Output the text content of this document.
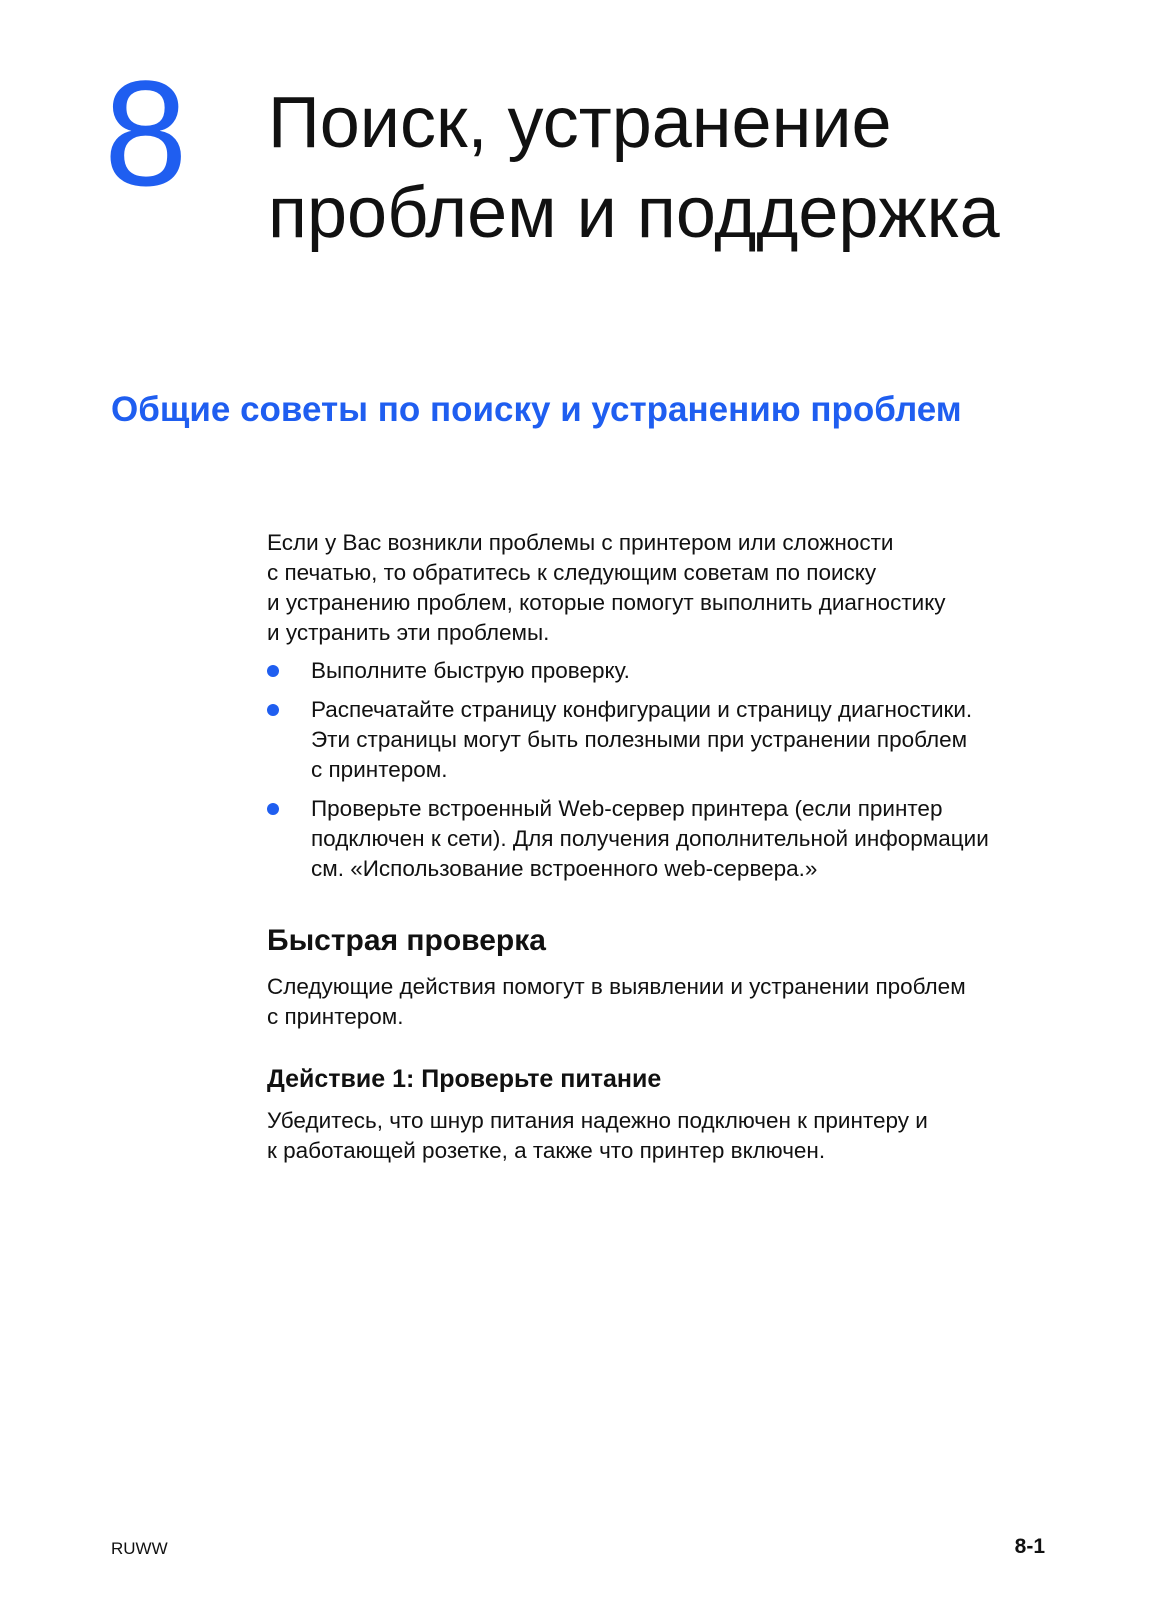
8 Поиск, устранение
проблем и поддержка
Общие советы по поиску и устранению проблем

Если у Вас возникли проблемы с принтером или сложности
с печатью, то обратитесь к следующим советам по поиску
и устранению проблем, которые помогут выполнить диагностику
и устранить эти проблемы.

Выполните быструю проверку.
Распечатайте страницу конфигурации и страницу диагностики.
Эти страницы могут быть полезными при устранении проблем
с принтером.
Проверьте встроенный Web-сервер принтера (если принтер
подключен к сети). Для получения дополнительной информации
см. «Использование встроенного web-сервера.»
Быстрая проверка

Следующие действия помогут в выявлении и устранении проблем
с принтером.

Действие 1: Проверьте питание

Убедитесь, что шнур питания надежно подключен к принтеру и
к работающей розетке, а также что принтер включен.

RUWW	8-1
